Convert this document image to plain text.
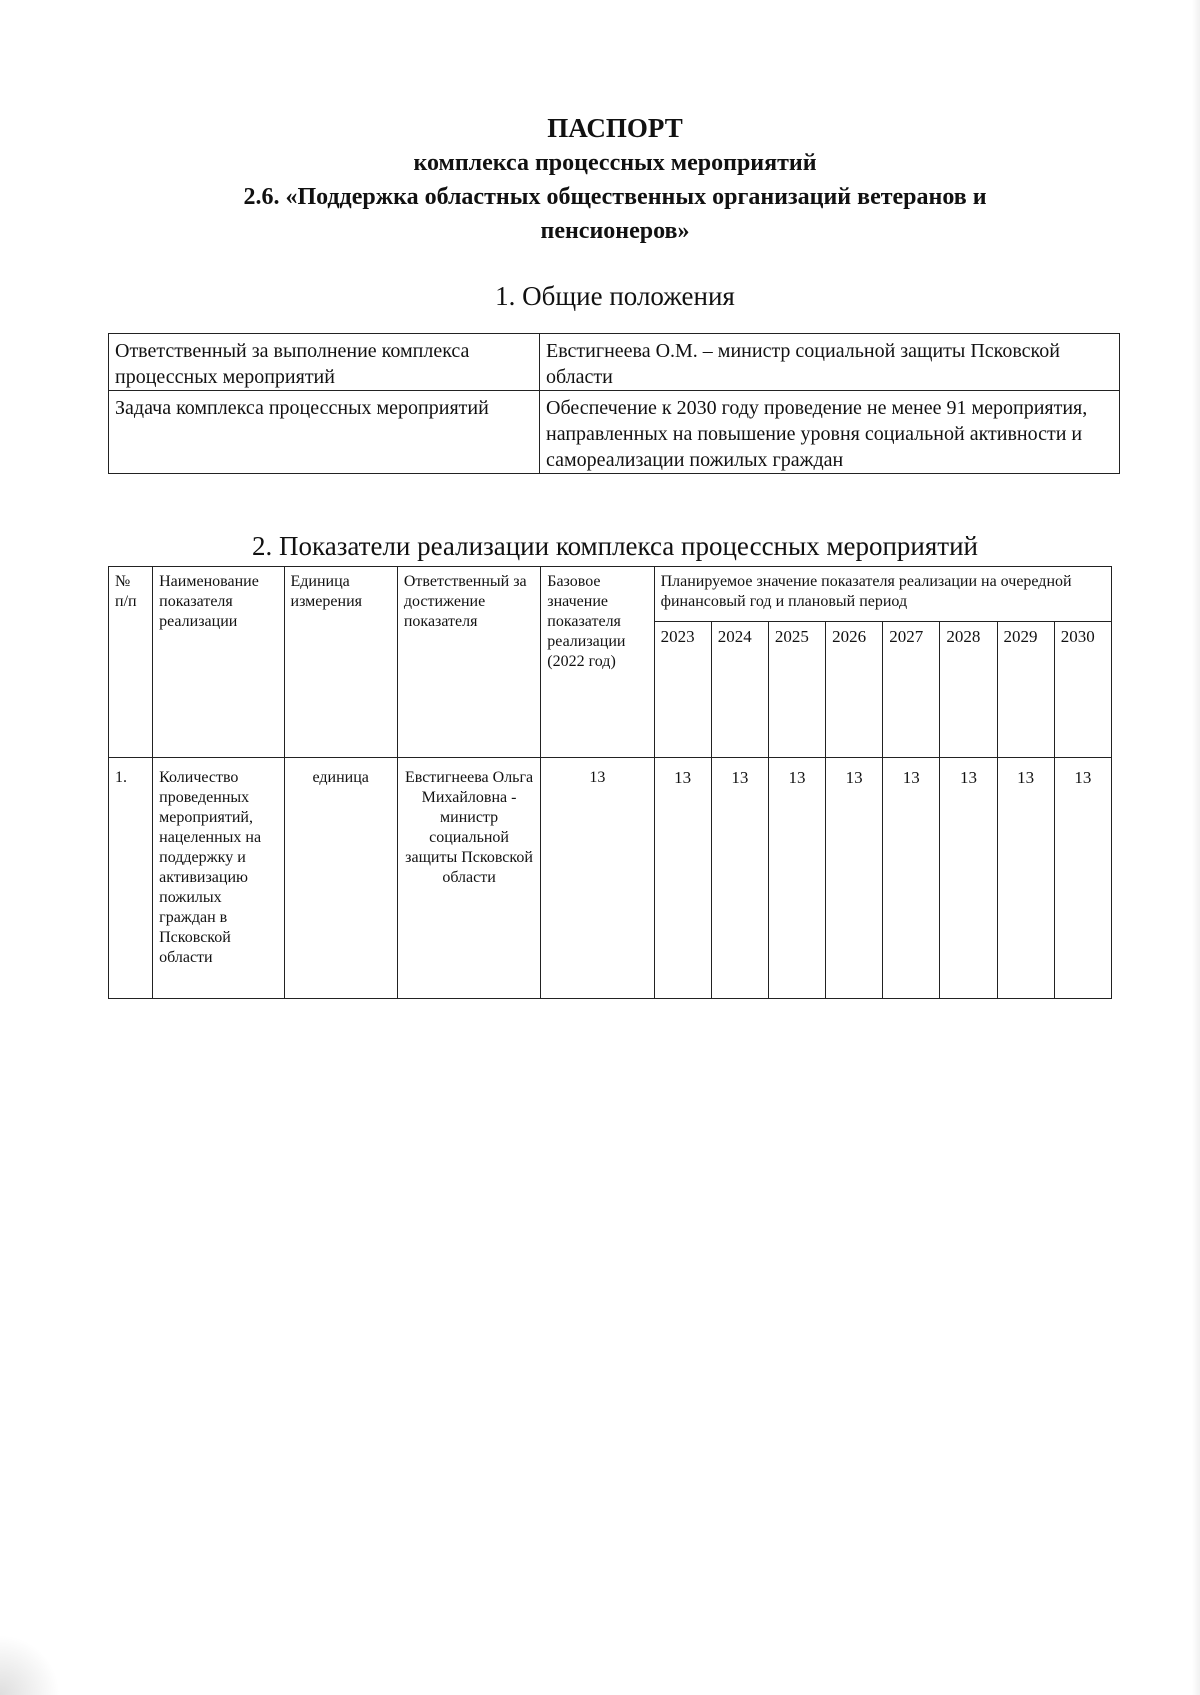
ПАСПОРТ
комплекса процессных мероприятий
2.6. «Поддержка областных общественных организаций ветеранов и
пенсионеров»
1. Общие положения
Ответственный за выполнение комплекса процессных мероприятий	Евстигнеева О.М. – министр социальной защиты Псковской области
Задача комплекса процессных мероприятий	Обеспечение к 2030 году проведение не менее 91 мероприятия, направленных на повышение уровня социальной активности и самореализации пожилых граждан
2. Показатели реализации комплекса процессных мероприятий
№ п/п	Наименование показателя реализации	Единица измерения	Ответственный за достижение показателя	Базовое значение показателя реализации (2022 год)	Планируемое значение показателя реализации на очередной финансовый год и плановый период							
					2023	2024	2025	2026	2027	2028	2029	2030
1.	Количество проведенных мероприятий, нацеленных на поддержку и активизацию пожилых граждан в Псковской области	единица	Евстигнеева Ольга Михайловна - министр социальной защиты Псковской области	13	13	13	13	13	13	13	13	13
